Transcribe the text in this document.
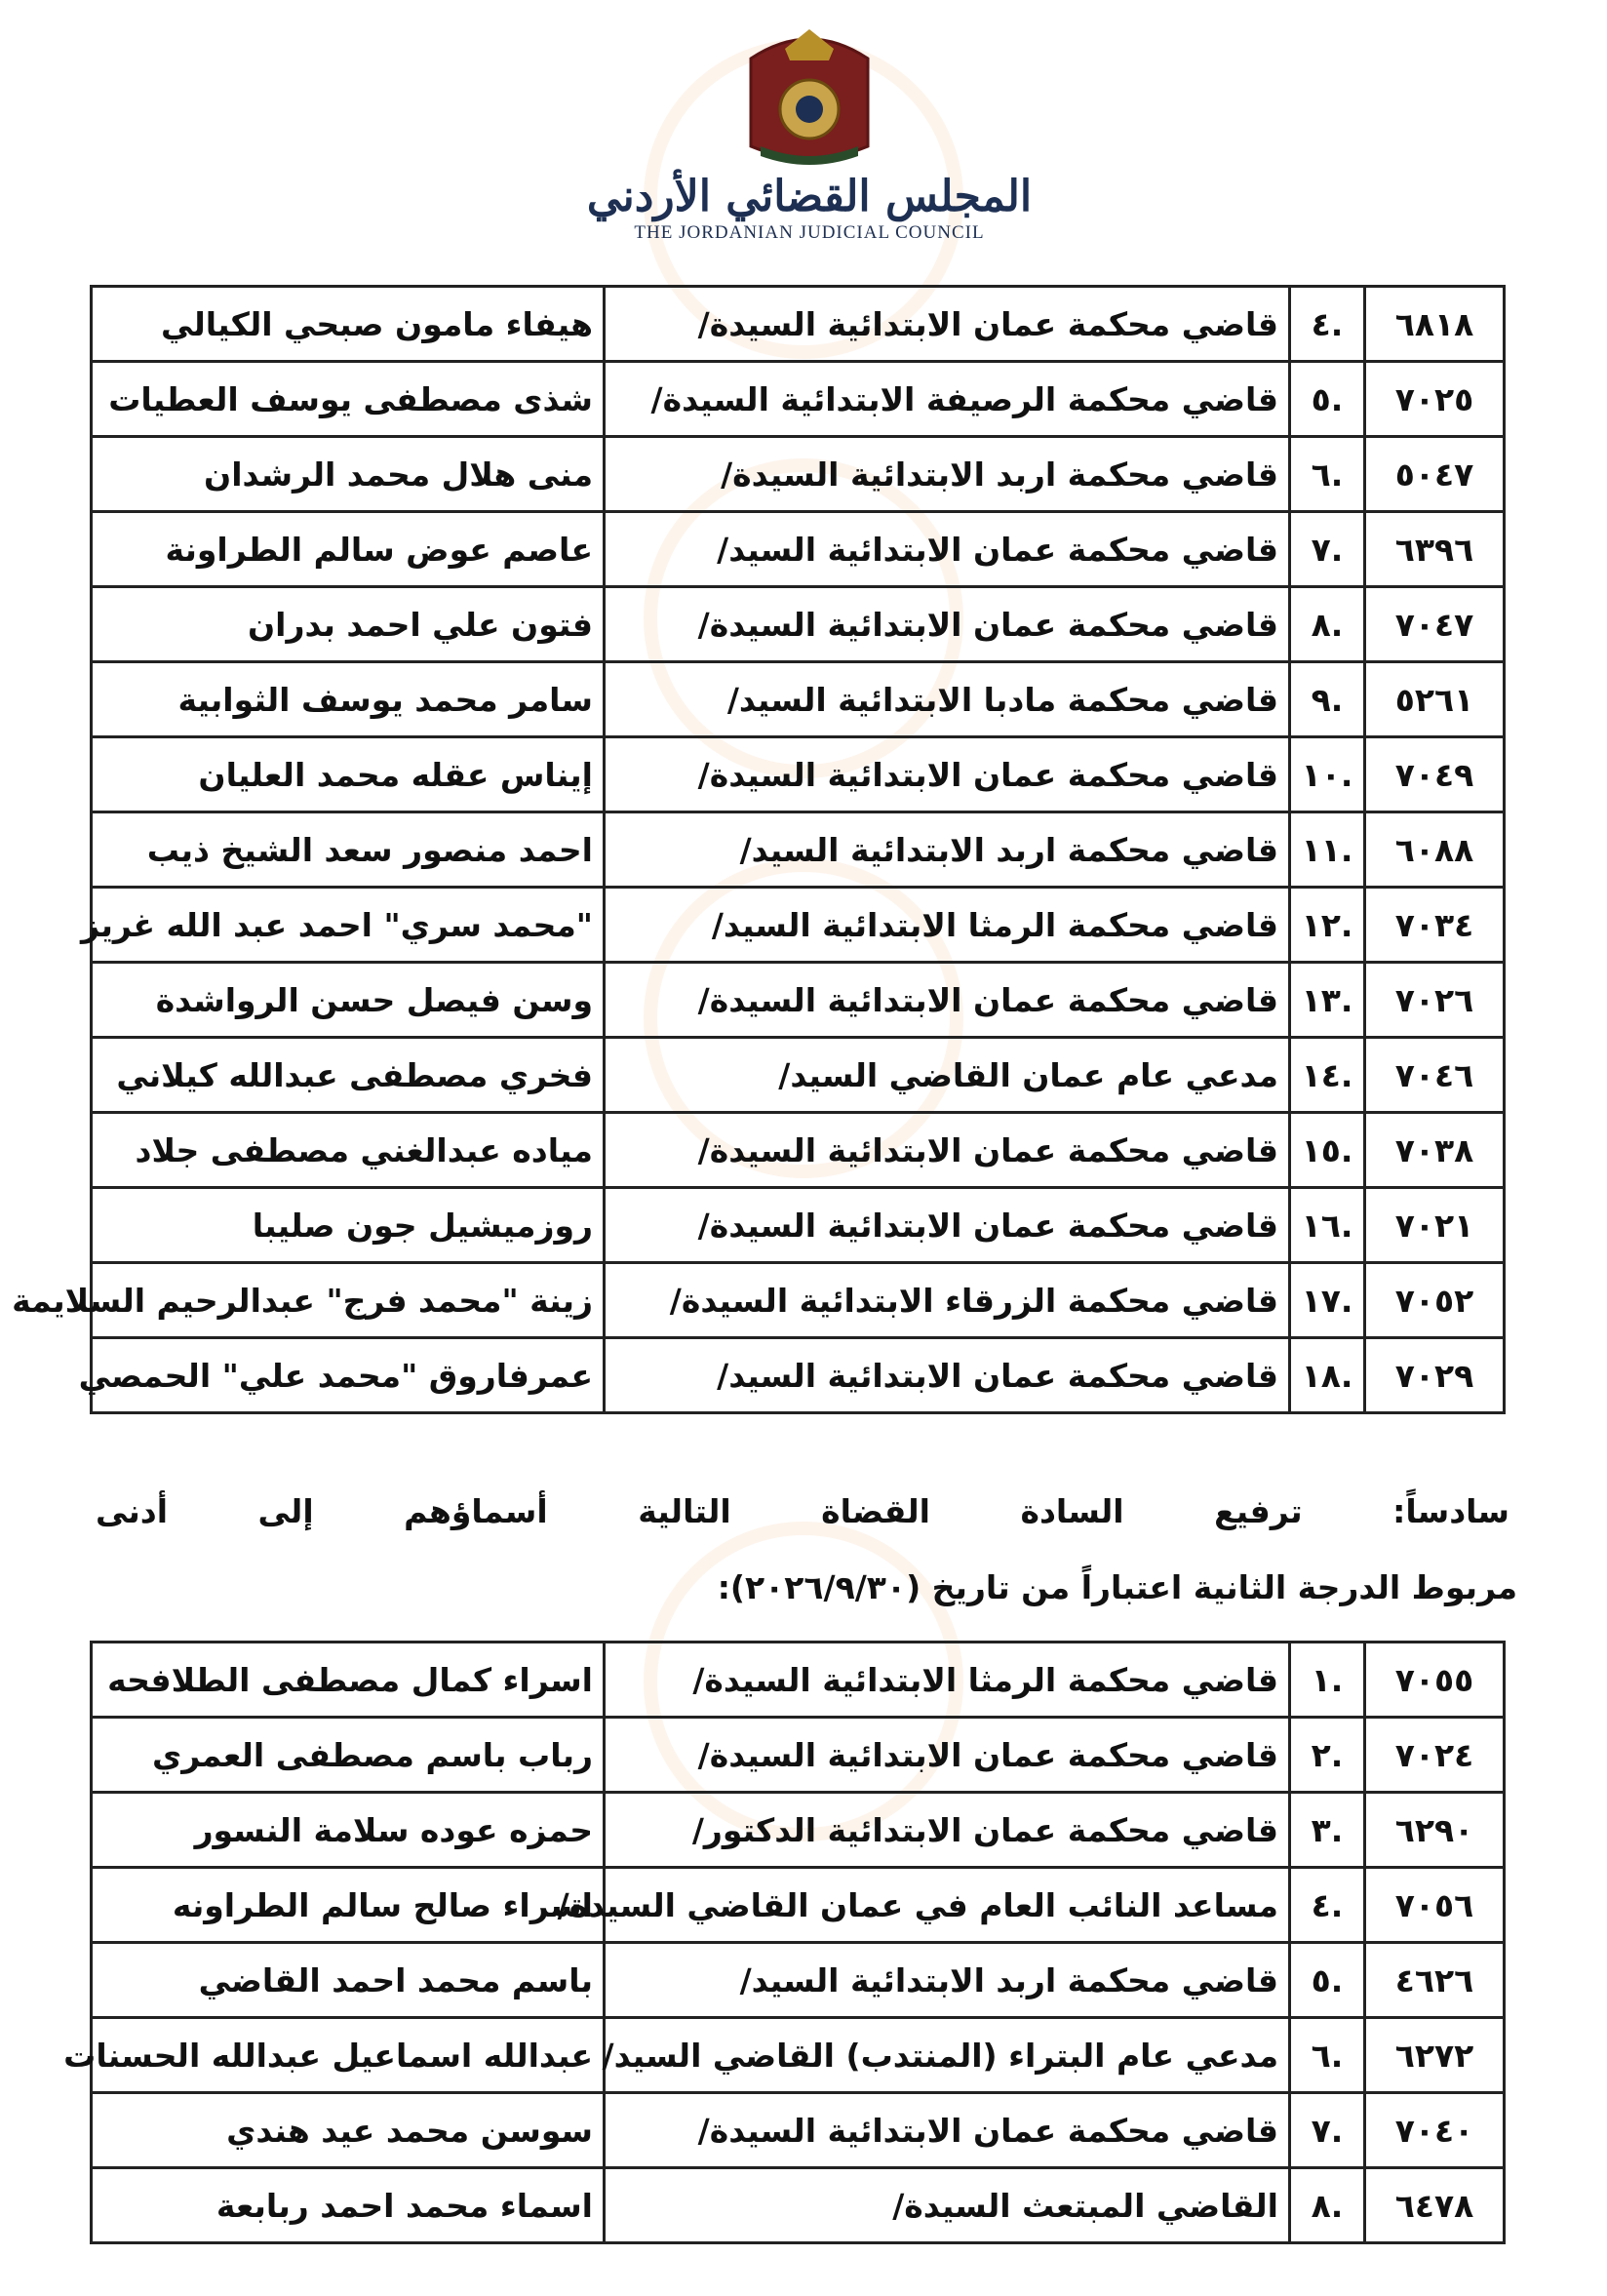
المجلس القضائي الأردني
THE JORDANIAN JUDICIAL COUNCIL
٦٨١٨	.٤	قاضي محكمة عمان الابتدائية السيدة/	هيفاء مامون صبحي الكيالي
٧٠٢٥	.٥	قاضي محكمة الرصيفة الابتدائية السيدة/	شذى مصطفى يوسف العطيات
٥٠٤٧	.٦	قاضي محكمة اربد الابتدائية السيدة/	منى هلال محمد الرشدان
٦٣٩٦	.٧	قاضي محكمة عمان الابتدائية السيد/	عاصم عوض سالم الطراونة
٧٠٤٧	.٨	قاضي محكمة عمان الابتدائية السيدة/	فتون علي احمد بدران
٥٢٦١	.٩	قاضي محكمة مادبا الابتدائية السيد/	سامر محمد يوسف الثوابية
٧٠٤٩	.١٠	قاضي محكمة عمان الابتدائية السيدة/	إيناس عقله محمد العليان
٦٠٨٨	.١١	قاضي محكمة اربد الابتدائية السيد/	احمد منصور سعد الشيخ ذيب
٧٠٣٤	.١٢	قاضي محكمة الرمثا الابتدائية السيد/	"محمد سري" احمد عبد الله غريز
٧٠٢٦	.١٣	قاضي محكمة عمان الابتدائية السيدة/	وسن فيصل حسن الرواشدة
٧٠٤٦	.١٤	مدعي عام عمان القاضي السيد/	فخري مصطفى عبدالله كيلاني
٧٠٣٨	.١٥	قاضي محكمة عمان الابتدائية السيدة/	مياده عبدالغني مصطفى جلاد
٧٠٢١	.١٦	قاضي محكمة عمان الابتدائية السيدة/	روزميشيل جون صليبا
٧٠٥٢	.١٧	قاضي محكمة الزرقاء الابتدائية السيدة/	زينة "محمد فرج" عبدالرحيم السلايمة
٧٠٢٩	.١٨	قاضي محكمة عمان الابتدائية السيد/	عمرفاروق "محمد علي" الحمصي
سادساً: ترفيع السادة القضاة التالية أسماؤهم إلى أدنى
مربوط الدرجة الثانية اعتباراً من تاريخ (٢٠٢٦/٩/٣٠):
٧٠٥٥	.١	قاضي محكمة الرمثا الابتدائية السيدة/	اسراء كمال مصطفى الطلافحه
٧٠٢٤	.٢	قاضي محكمة عمان الابتدائية السيدة/	رباب باسم مصطفى العمري
٦٢٩٠	.٣	قاضي محكمة عمان الابتدائية الدكتور/	حمزه عوده سلامة النسور
٧٠٥٦	.٤	مساعد النائب العام في عمان القاضي السيدة/	اسراء صالح سالم الطراونه
٤٦٢٦	.٥	قاضي محكمة اربد الابتدائية السيد/	باسم محمد احمد القاضي
٦٢٧٢	.٦	مدعي عام البتراء (المنتدب) القاضي السيد/	عبدالله اسماعيل عبدالله الحسنات
٧٠٤٠	.٧	قاضي محكمة عمان الابتدائية السيدة/	سوسن محمد عيد هندي
٦٤٧٨	.٨	القاضي المبتعث السيدة/	اسماء محمد احمد ربابعة
